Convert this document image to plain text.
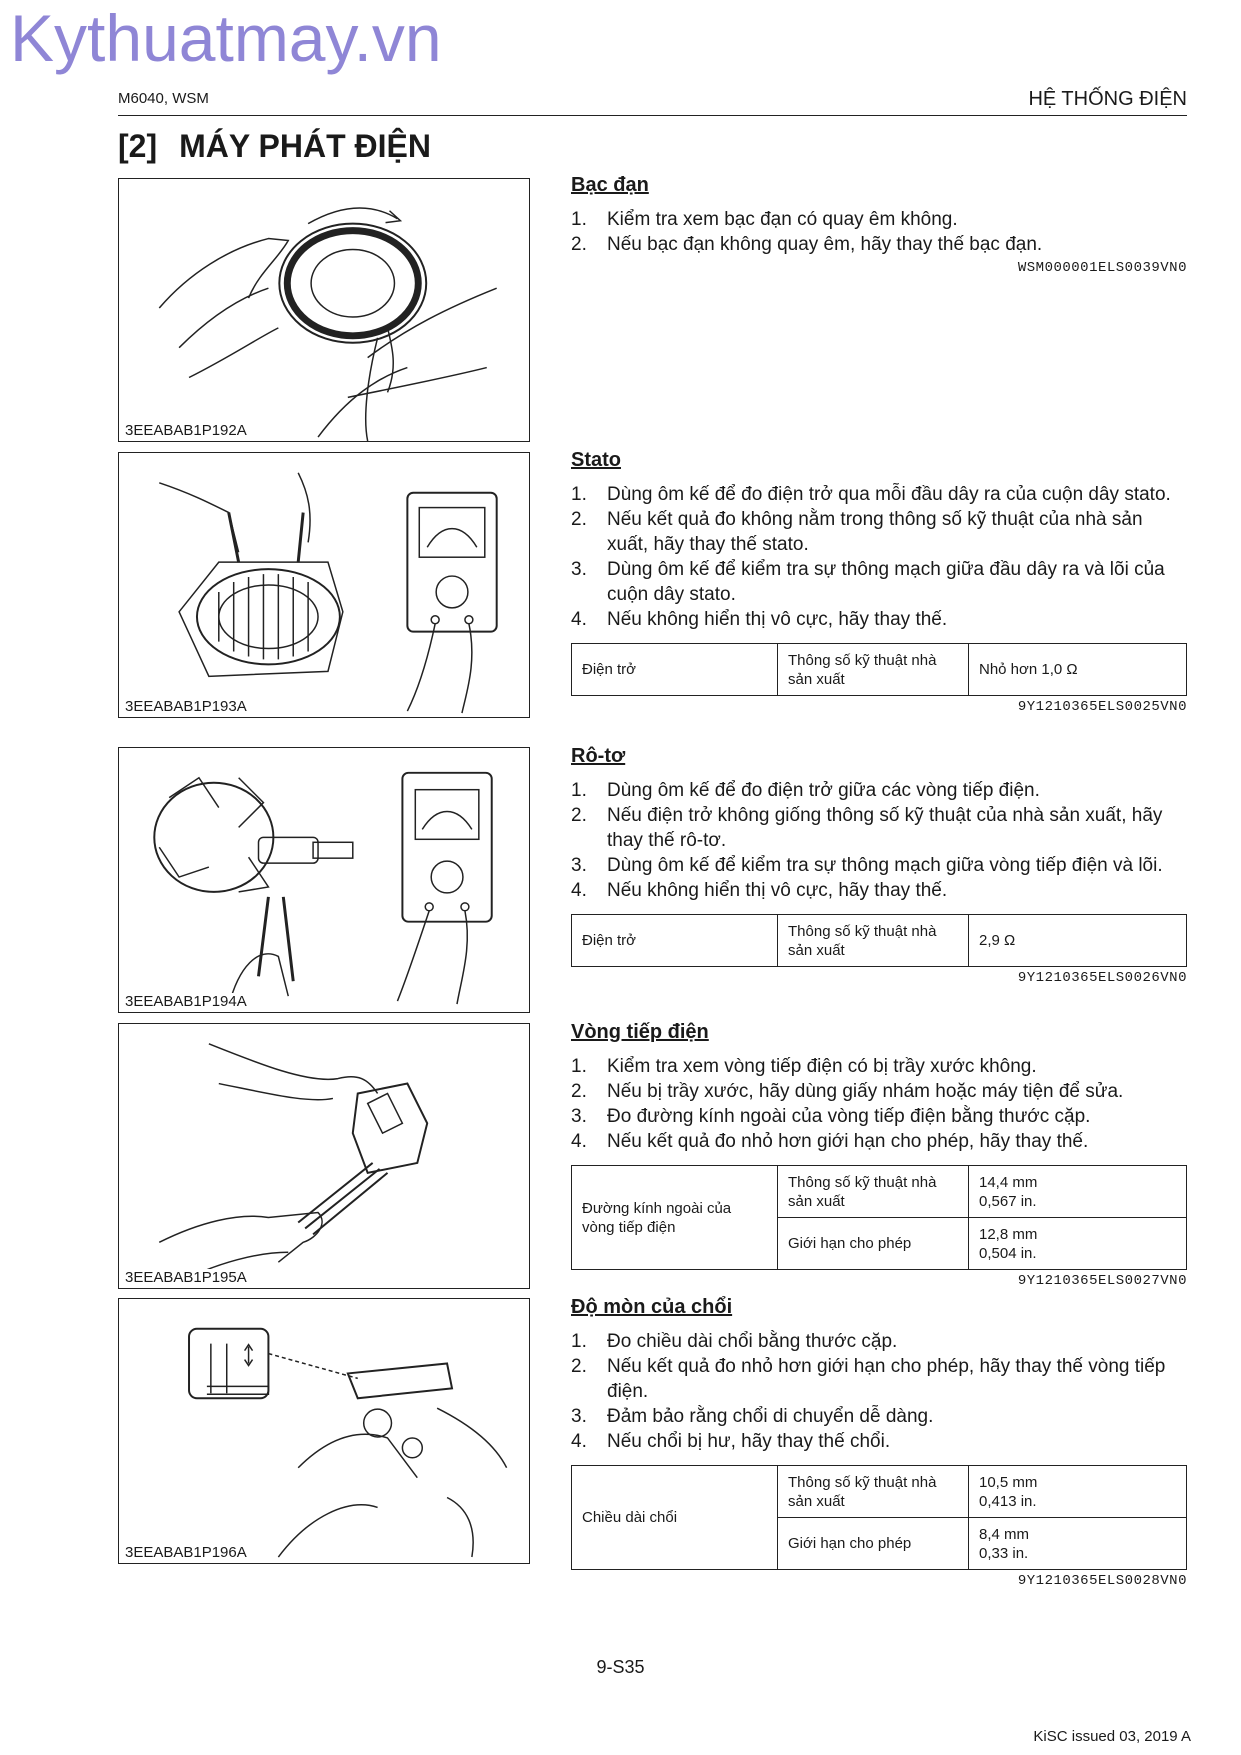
Kythuatmay.vn
M6040, WSM	HỆ THỐNG ĐIỆN
[2] MÁY PHÁT ĐIỆN
3EEABAB1P192A
3EEABAB1P193A
3EEABAB1P194A
3EEABAB1P195A
3EEABAB1P196A
Bạc đạn
1. Kiểm tra xem bạc đạn có quay êm không.
2. Nếu bạc đạn không quay êm, hãy thay thế bạc đạn.
WSM000001ELS0039VN0
Stato
1. Dùng ôm kế để đo điện trở qua mỗi đầu dây ra của cuộn dây stato.
2. Nếu kết quả đo không nằm trong thông số kỹ thuật của nhà sản xuất, hãy thay thế stato.
3. Dùng ôm kế để kiểm tra sự thông mạch giữa đầu dây ra và lõi của cuộn dây stato.
4. Nếu không hiển thị vô cực, hãy thay thế.
Điện trở	Thông số kỹ thuật nhà sản xuất	Nhỏ hơn 1,0 Ω
9Y1210365ELS0025VN0
Rô-tơ
1. Dùng ôm kế để đo điện trở giữa các vòng tiếp điện.
2. Nếu điện trở không giống thông số kỹ thuật của nhà sản xuất, hãy thay thế rô-tơ.
3. Dùng ôm kế để kiểm tra sự thông mạch giữa vòng tiếp điện và lõi.
4. Nếu không hiển thị vô cực, hãy thay thế.
Điện trở	Thông số kỹ thuật nhà sản xuất	2,9 Ω
9Y1210365ELS0026VN0
Vòng tiếp điện
1. Kiểm tra xem vòng tiếp điện có bị trầy xước không.
2. Nếu bị trầy xước, hãy dùng giấy nhám hoặc máy tiện để sửa.
3. Đo đường kính ngoài của vòng tiếp điện bằng thước cặp.
4. Nếu kết quả đo nhỏ hơn giới hạn cho phép, hãy thay thế.
Đường kính ngoài của vòng tiếp điện	Thông số kỹ thuật nhà sản xuất	14,4 mm
0,567 in.
	Giới hạn cho phép	12,8 mm
0,504 in.
9Y1210365ELS0027VN0
Độ mòn của chổi
1. Đo chiều dài chổi bằng thước cặp.
2. Nếu kết quả đo nhỏ hơn giới hạn cho phép, hãy thay thế vòng tiếp điện.
3. Đảm bảo rằng chổi di chuyển dễ dàng.
4. Nếu chổi bị hư, hãy thay thế chổi.
Chiều dài chổi	Thông số kỹ thuật nhà sản xuất	10,5 mm
0,413 in.
	Giới hạn cho phép	8,4 mm
0,33 in.
9Y1210365ELS0028VN0
9-S35
KiSC issued 03, 2019 A
